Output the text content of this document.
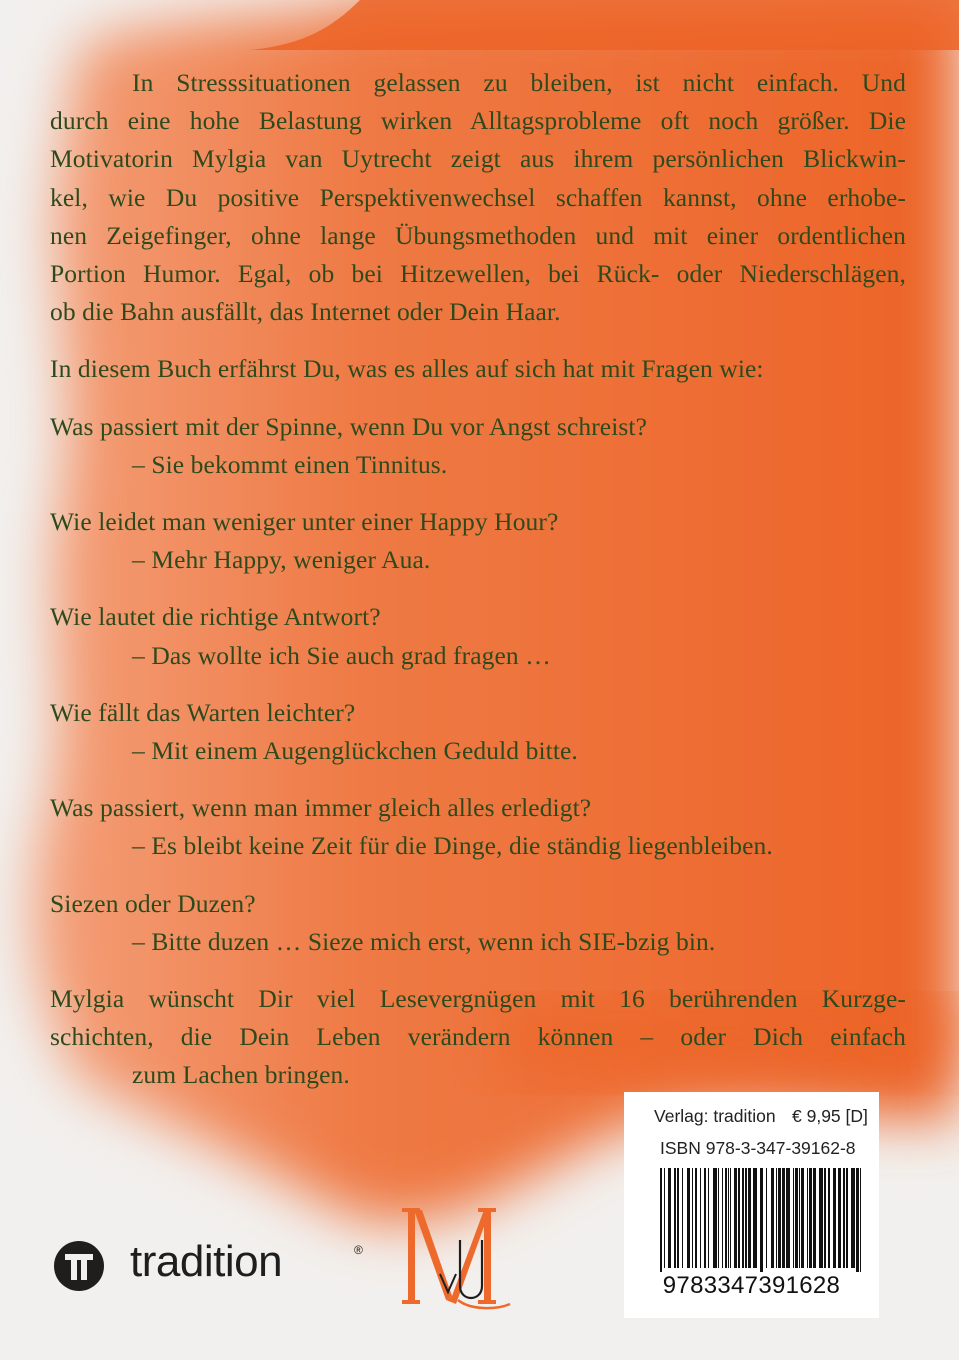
In Stresssituationen gelassen zu bleiben, ist nicht einfach. Und

durch eine hohe Belastung wirken Alltagsprobleme oft noch größer. Die

Motivatorin Mylgia van Uytrecht zeigt aus ihrem persönlichen Blickwin-

kel, wie Du positive Perspektivenwechsel schaffen kannst, ohne erhobe-

nen Zeigefinger, ohne lange Übungsmethoden und mit einer ordentlichen

Portion Humor. Egal, ob bei Hitzewellen, bei Rück- oder Niederschlägen,

ob die Bahn ausfällt, das Internet oder Dein Haar.

In diesem Buch erfährst Du, was es alles auf sich hat mit Fragen wie:

Was passiert mit der Spinne, wenn Du vor Angst schreist?

– Sie bekommt einen Tinnitus.

Wie leidet man weniger unter einer Happy Hour?

– Mehr Happy, weniger Aua.

Wie lautet die richtige Antwort?

– Das wollte ich Sie auch grad fragen …

Wie fällt das Warten leichter?

– Mit einem Augenglückchen Geduld bitte.

Was passiert, wenn man immer gleich alles erledigt?

– Es bleibt keine Zeit für die Dinge, die ständig liegenbleiben.

Siezen oder Duzen?

– Bitte duzen … Sieze mich erst, wenn ich SIE-bzig bin.

Mylgia wünscht Dir viel Lesevergnügen mit 16 berührenden Kurzge-

schichten, die Dein Leben verändern können – oder Dich einfach

zum Lachen bringen.

Verlag: tradition € 9,95 [D]
ISBN 978-3-347-39162-8
9783347391628
tradition	®
